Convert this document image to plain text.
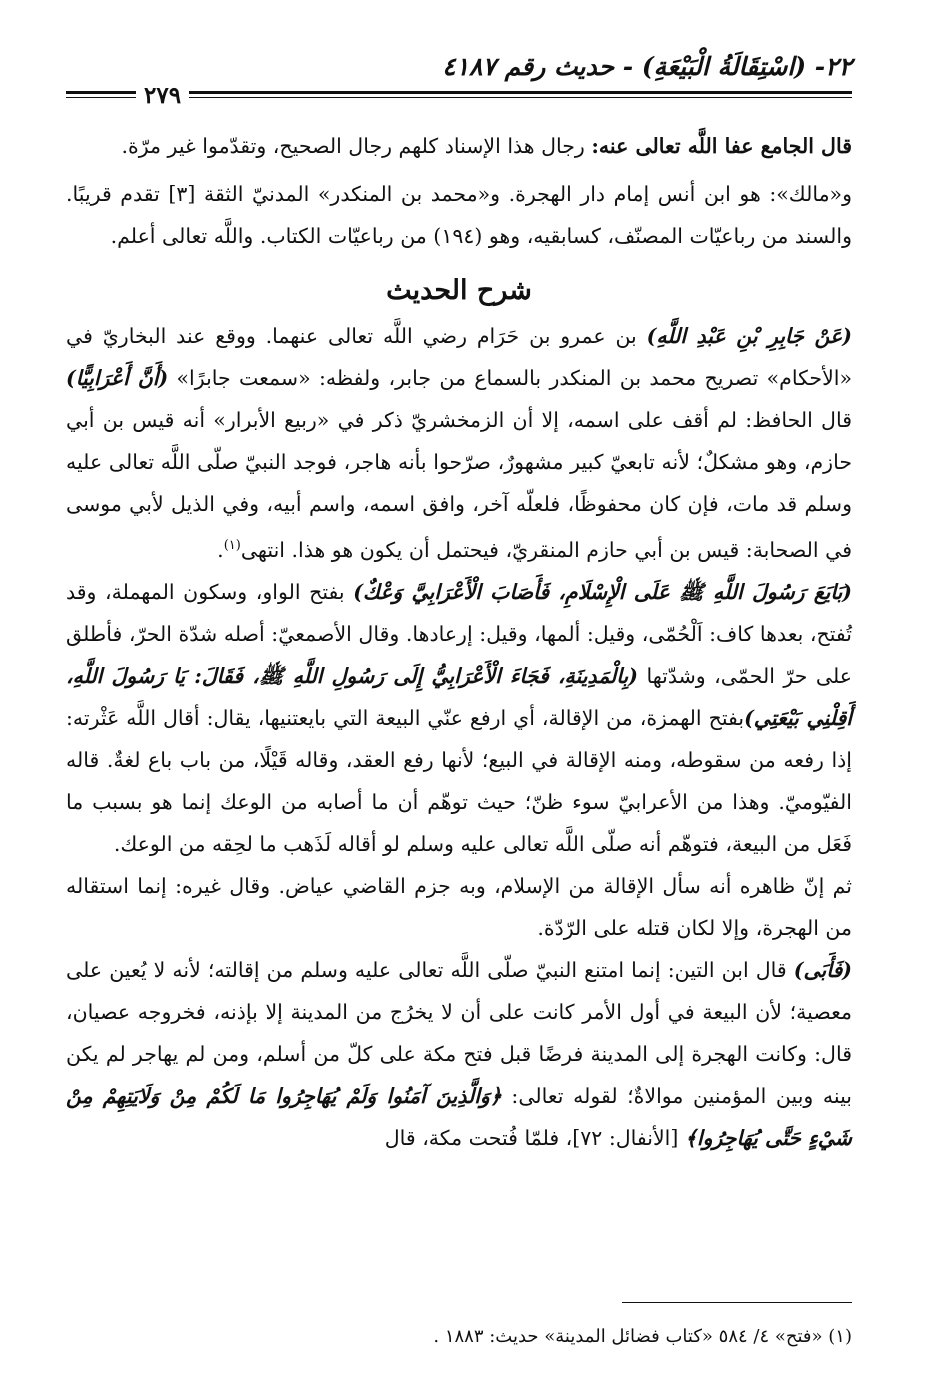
٢٢- (اسْتِقَالَةُ الْبَيْعَةِ) - حديث رقم ٤١٨٧
٢٧٩

قال الجامع عفا اللَّه تعالى عنه: رجال هذا الإسناد كلهم رجال الصحيح، وتقدّموا غير مرّة.

و«مالك»: هو ابن أنس إمام دار الهجرة. و«محمد بن المنكدر» المدنيّ الثقة [٣] تقدم قريبًا. والسند من رباعيّات المصنّف، كسابقيه، وهو (١٩٤) من رباعيّات الكتاب. واللَّه تعالى أعلم.

شرح الحديث

(عَنْ جَابِرِ بْنِ عَبْدِ اللَّهِ) بن عمرو بن حَرَام رضي اللَّه تعالى عنهما. ووقع عند البخاريّ في «الأحكام» تصريح محمد بن المنكدر بالسماع من جابر، ولفظه: «سمعت جابرًا» (أَنَّ أَعْرَابِيًّا) قال الحافظ: لم أقف على اسمه، إلا أن الزمخشريّ ذكر في «ربيع الأبرار» أنه قيس بن أبي حازم، وهو مشكلٌ؛ لأنه تابعيّ كبير مشهورٌ، صرّحوا بأنه هاجر، فوجد النبيّ صلّى اللَّه تعالى عليه وسلم قد مات، فإن كان محفوظًا، فلعلّه آخر، وافق اسمه، واسم أبيه، وفي الذيل لأبي موسى في الصحابة: قيس بن أبي حازم المنقريّ، فيحتمل أن يكون هو هذا. انتهى$^{(١)}$.

(بَايَعَ رَسُولَ اللَّهِ ﷺ عَلَى الْإِسْلَامِ، فَأَصَابَ الْأَعْرَابِيَّ وَعْكٌ) بفتح الواو، وسكون المهملة، وقد تُفتح، بعدها كاف: اَلْحُمّى، وقيل: ألمها، وقيل: إرعادها. وقال الأصمعيّ: أصله شدّة الحرّ، فأطلق على حرّ الحمّى، وشدّتها (بِالْمَدِينَةِ، فَجَاءَ الْأَعْرَابِيُّ إِلَى رَسُولِ اللَّهِ ﷺ، فَقَالَ: يَا رَسُولَ اللَّهِ، أَقِلْنِي بَيْعَتِي)بفتح الهمزة، من الإقالة، أي ارفع عنّي البيعة التي بايعتنيها، يقال: أقال اللَّه عَثْرته: إذا رفعه من سقوطه، ومنه الإقالة في البيع؛ لأنها رفع العقد، وقاله قَيْلًا، من باب باع لغةٌ. قاله الفيّوميّ. وهذا من الأعرابيّ سوء ظنّ؛ حيث توهّم أن ما أصابه من الوعك إنما هو بسبب ما فَعَل من البيعة، فتوهّم أنه صلّى اللَّه تعالى عليه وسلم لو أقاله لَذَهب ما لحِقه من الوعك.

ثم إنّ ظاهره أنه سأل الإقالة من الإسلام، وبه جزم القاضي عياض. وقال غيره: إنما استقاله من الهجرة، وإلا لكان قتله على الرّدّة.

(فَأَبَى) قال ابن التين: إنما امتنع النبيّ صلّى اللَّه تعالى عليه وسلم من إقالته؛ لأنه لا يُعين على معصية؛ لأن البيعة في أول الأمر كانت على أن لا يخرُج من المدينة إلا بإذنه، فخروجه عصيان، قال: وكانت الهجرة إلى المدينة فرضًا قبل فتح مكة على كلّ من أسلم، ومن لم يهاجر لم يكن بينه وبين المؤمنين موالاةٌ؛ لقوله تعالى: ﴿وَالَّذِينَ آمَنُوا وَلَمْ يُهَاجِرُوا مَا لَكُمْ مِنْ وَلَايَتِهِمْ مِنْ شَيْءٍ حَتَّى يُهَاجِرُوا﴾ [الأنفال: ٧٢]، فلمّا فُتحت مكة، قال

(١) «فتح» ٤/ ٥٨٤ «كتاب فضائل المدينة» حديث: ١٨٨٣ .
